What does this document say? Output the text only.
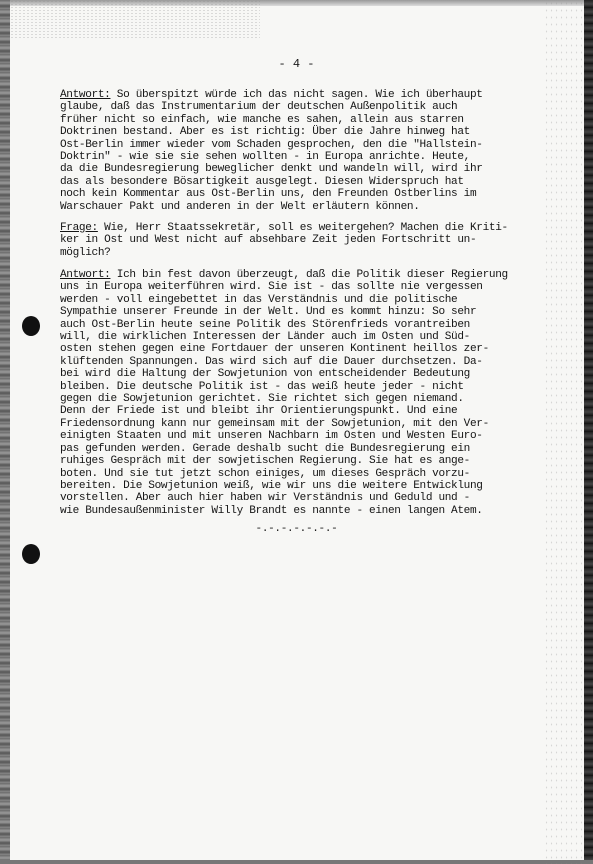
- 4 -
Antwort: So überspitzt würde ich das nicht sagen. Wie ich überhaupt
glaube, daß das Instrumentarium der deutschen Außenpolitik auch
früher nicht so einfach, wie manche es sahen, allein aus starren
Doktrinen bestand. Aber es ist richtig: Über die Jahre hinweg hat
Ost-Berlin immer wieder vom Schaden gesprochen, den die "Hallstein-
Doktrin" - wie sie sie sehen wollten - in Europa anrichte. Heute,
da die Bundesregierung beweglicher denkt und wandeln will, wird ihr
das als besondere Bösartigkeit ausgelegt. Diesen Widerspruch hat
noch kein Kommentar aus Ost-Berlin uns, den Freunden Ostberlins im
Warschauer Pakt und anderen in der Welt erläutern können.
Frage: Wie, Herr Staatssekretär, soll es weitergehen? Machen die Kriti-
ker in Ost und West nicht auf absehbare Zeit jeden Fortschritt un-
möglich?
Antwort: Ich bin fest davon überzeugt, daß die Politik dieser Regierung
uns in Europa weiterführen wird. Sie ist - das sollte nie vergessen
werden - voll eingebettet in das Verständnis und die politische
Sympathie unserer Freunde in der Welt. Und es kommt hinzu: So sehr
auch Ost-Berlin heute seine Politik des Störenfrieds vorantreiben
will, die wirklichen Interessen der Länder auch im Osten und Süd-
osten stehen gegen eine Fortdauer der unseren Kontinent heillos zer-
klüftenden Spannungen. Das wird sich auf die Dauer durchsetzen. Da-
bei wird die Haltung der Sowjetunion von entscheidender Bedeutung
bleiben. Die deutsche Politik ist - das weiß heute jeder - nicht
gegen die Sowjetunion gerichtet. Sie richtet sich gegen niemand.
Denn der Friede ist und bleibt ihr Orientierungspunkt. Und eine
Friedensordnung kann nur gemeinsam mit der Sowjetunion, mit den Ver-
einigten Staaten und mit unseren Nachbarn im Osten und Westen Euro-
pas gefunden werden. Gerade deshalb sucht die Bundesregierung ein
ruhiges Gespräch mit der sowjetischen Regierung. Sie hat es ange-
boten. Und sie tut jetzt schon einiges, um dieses Gespräch vorzu-
bereiten. Die Sowjetunion weiß, wie wir uns die weitere Entwicklung
vorstellen. Aber auch hier haben wir Verständnis und Geduld und -
wie Bundesaußenminister Willy Brandt es nannte - einen langen Atem.
-.-.-.-.-.-.-
